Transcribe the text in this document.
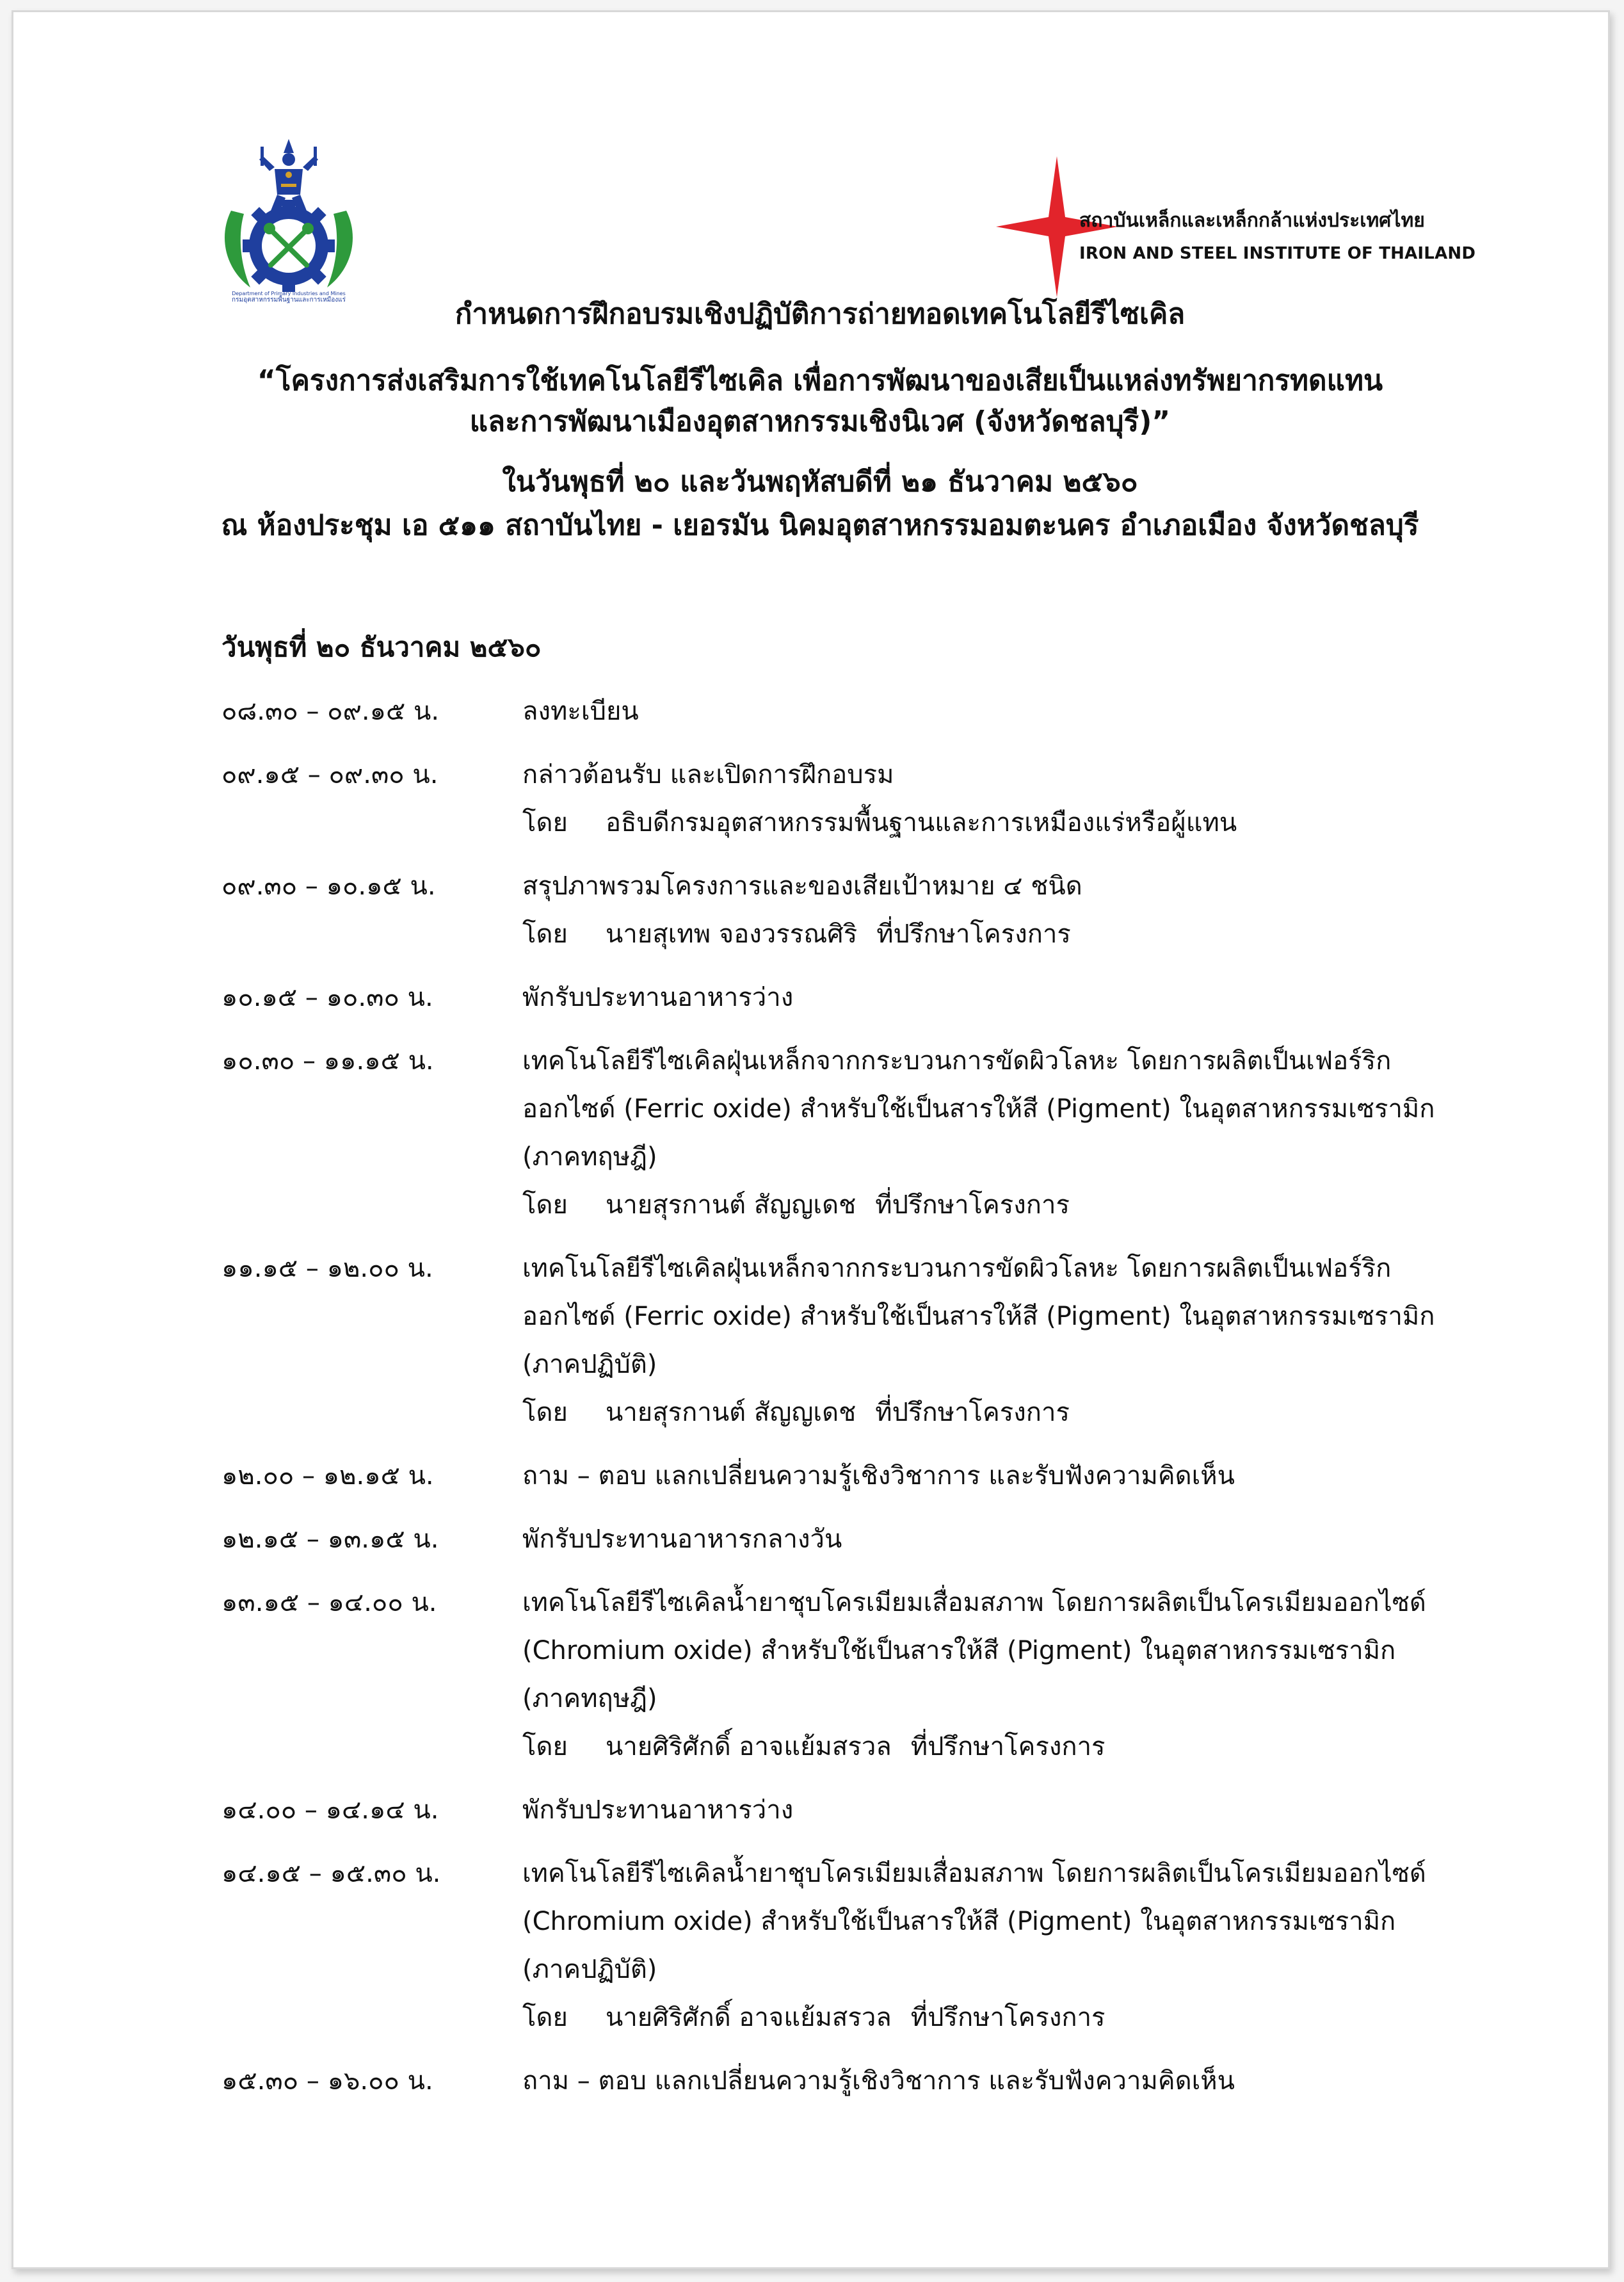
กรมอุตสาหกรรมพื้นฐานและการเหมืองแร่
Department of Primary Industries and Mines
สถาบันเหล็กและเหล็กกล้าแห่งประเทศไทย
IRON AND STEEL INSTITUTE OF THAILAND
กำหนดการฝึกอบรมเชิงปฏิบัติการถ่ายทอดเทคโนโลยีรีไซเคิล
“โครงการส่งเสริมการใช้เทคโนโลยีรีไซเคิล เพื่อการพัฒนาของเสียเป็นแหล่งทรัพยากรทดแทน
และการพัฒนาเมืองอุตสาหกรรมเชิงนิเวศ (จังหวัดชลบุรี)”
ในวันพุธที่ ๒๐ และวันพฤหัสบดีที่ ๒๑ ธันวาคม ๒๕๖๐
ณ ห้องประชุม เอ ๕๑๑ สถาบันไทย - เยอรมัน นิคมอุตสาหกรรมอมตะนคร อำเภอเมือง จังหวัดชลบุรี
วันพุธที่ ๒๐ ธันวาคม ๒๕๖๐
๐๘.๓๐ – ๐๙.๑๕ น.	ลงทะเบียน
๐๙.๑๕ – ๐๙.๓๐ น.	กล่าวต้อนรับ และเปิดการฝึกอบรม
โดย	อธิบดีกรมอุตสาหกรรมพื้นฐานและการเหมืองแร่หรือผู้แทน
๐๙.๓๐ – ๑๐.๑๕ น.	สรุปภาพรวมโครงการและของเสียเป้าหมาย ๔ ชนิด
โดย	นายสุเทพ จองวรรณศิริ ที่ปรึกษาโครงการ
๑๐.๑๕ – ๑๐.๓๐ น.	พักรับประทานอาหารว่าง
๑๐.๓๐ – ๑๑.๑๕ น.	เทคโนโลยีรีไซเคิลฝุ่นเหล็กจากกระบวนการขัดผิวโลหะ โดยการผลิตเป็นเฟอร์ริก
ออกไซด์ (Ferric oxide) สำหรับใช้เป็นสารให้สี (Pigment) ในอุตสาหกรรมเซรามิก
(ภาคทฤษฎี)
โดย	นายสุรกานต์ สัญญเดช ที่ปรึกษาโครงการ
๑๑.๑๕ – ๑๒.๐๐ น.	เทคโนโลยีรีไซเคิลฝุ่นเหล็กจากกระบวนการขัดผิวโลหะ โดยการผลิตเป็นเฟอร์ริก
ออกไซด์ (Ferric oxide) สำหรับใช้เป็นสารให้สี (Pigment) ในอุตสาหกรรมเซรามิก
(ภาคปฏิบัติ)
โดย	นายสุรกานต์ สัญญเดช ที่ปรึกษาโครงการ
๑๒.๐๐ – ๑๒.๑๕ น.	ถาม – ตอบ แลกเปลี่ยนความรู้เชิงวิชาการ และรับฟังความคิดเห็น
๑๒.๑๕ – ๑๓.๑๕ น.	พักรับประทานอาหารกลางวัน
๑๓.๑๕ – ๑๔.๐๐ น.	เทคโนโลยีรีไซเคิลน้ำยาชุบโครเมียมเสื่อมสภาพ โดยการผลิตเป็นโครเมียมออกไซด์
(Chromium oxide) สำหรับใช้เป็นสารให้สี (Pigment) ในอุตสาหกรรมเซรามิก
(ภาคทฤษฎี)
โดย	นายศิริศักดิ์ อาจแย้มสรวล ที่ปรึกษาโครงการ
๑๔.๐๐ – ๑๔.๑๔ น.	พักรับประทานอาหารว่าง
๑๔.๑๕ – ๑๕.๓๐ น.	เทคโนโลยีรีไซเคิลน้ำยาชุบโครเมียมเสื่อมสภาพ โดยการผลิตเป็นโครเมียมออกไซด์
(Chromium oxide) สำหรับใช้เป็นสารให้สี (Pigment) ในอุตสาหกรรมเซรามิก
(ภาคปฏิบัติ)
โดย	นายศิริศักดิ์ อาจแย้มสรวล ที่ปรึกษาโครงการ
๑๕.๓๐ – ๑๖.๐๐ น.	ถาม – ตอบ แลกเปลี่ยนความรู้เชิงวิชาการ และรับฟังความคิดเห็น
